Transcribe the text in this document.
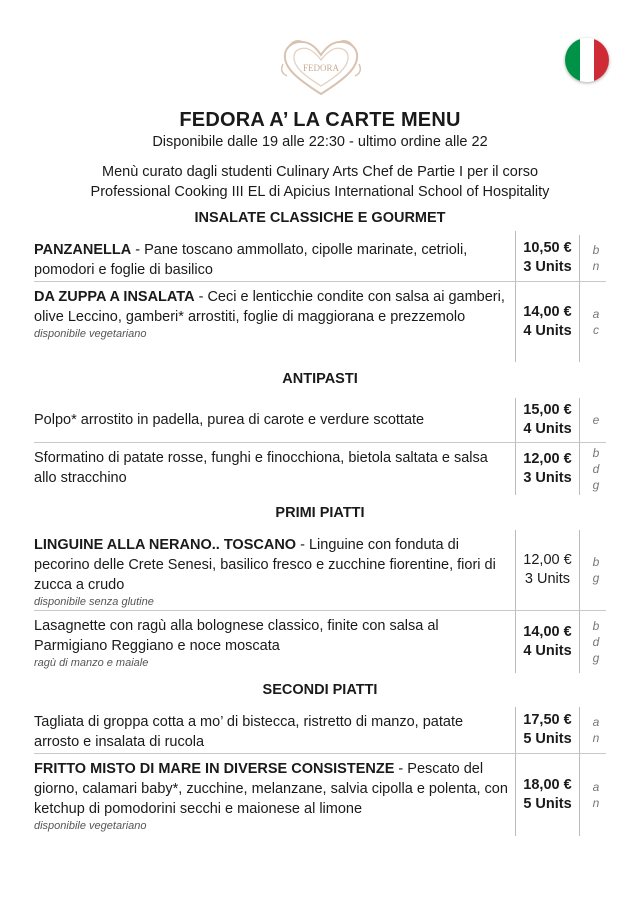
FEDORA
FEDORA A’ LA CARTE MENU
Disponibile dalle 19 alle 22:30 - ultimo ordine alle 22
Menù curato dagli studenti Culinary Arts Chef de Partie I per il corso
Professional Cooking III EL di Apicius International School of Hospitality
INSALATE CLASSICHE E GOURMET
PANZANELLA - Pane toscano ammollato, cipolle marinate, cetrioli, pomodori e foglie di basilico
10,50 €
3 Units
b
n
DA ZUPPA A INSALATA - Ceci e lenticchie condite con salsa ai gamberi, olive Leccino, gamberi* arrostiti, foglie di maggiorana e prezzemolo
disponibile vegetariano
14,00 €
4 Units
a
c
ANTIPASTI
Polpo* arrostito in padella, purea di carote e verdure scottate
15,00 €
4 Units
e
Sformatino di patate rosse, funghi e finocchiona, bietola saltata e salsa allo stracchino
12,00 €
3 Units
b
d
g
PRIMI PIATTI
LINGUINE ALLA NERANO.. TOSCANO - Linguine con fonduta di pecorino delle Crete Senesi, basilico fresco e zucchine fiorentine, fiori di zucca a crudo
disponibile senza glutine
12,00 €
3 Units
b
g
Lasagnette con ragù alla bolognese classico, finite con salsa al Parmigiano Reggiano e noce moscata
ragù di manzo e maiale
14,00 €
4 Units
b
d
g
SECONDI PIATTI
Tagliata di groppa cotta a mo’ di bistecca, ristretto di manzo, patate arrosto e insalata di rucola
17,50 €
5 Units
a
n
FRITTO MISTO DI MARE IN DIVERSE CONSISTENZE - Pescato del giorno, calamari baby*, zucchine, melanzane, salvia cipolla e polenta, con ketchup di pomodorini secchi e maionese al limone
disponibile vegetariano
18,00 €
5 Units
a
n
